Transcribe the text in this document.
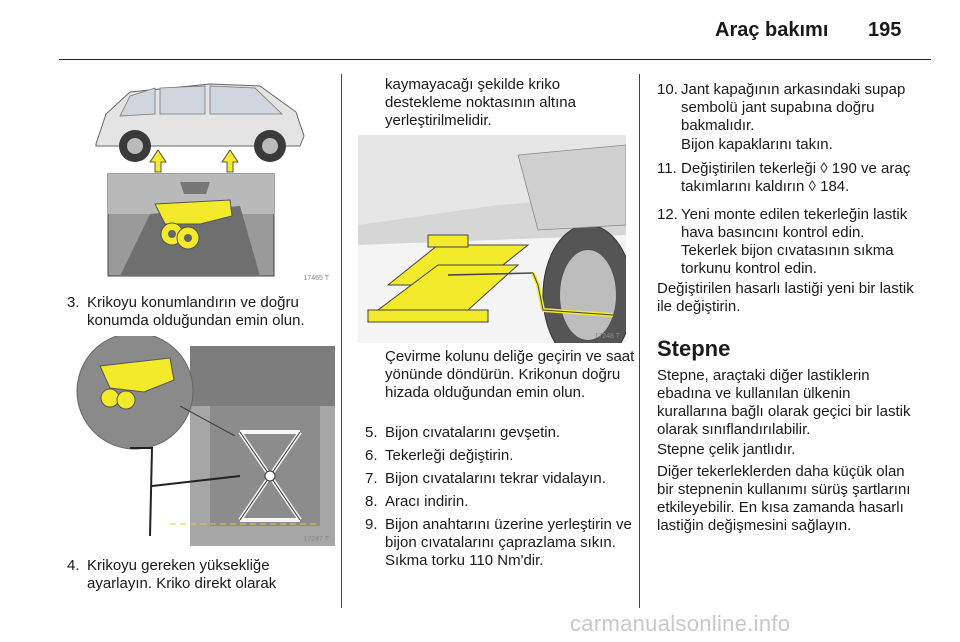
Araç bakımı 195
17465 T
3. Krikoyu konumlandırın ve doğru konumda olduğundan emin olun.
17247 T
4. Krikoyu gereken yüksekliğe ayarlayın. Kriko direkt olarak
kaymayacağı şekilde kriko destekleme noktasının altına yerleştirilmelidir.
17248 T
Çevirme kolunu deliğe geçirin ve saat yönünde döndürün. Krikonun doğru hizada olduğundan emin olun.
5. Bijon cıvatalarını gevşetin.
6. Tekerleği değiştirin.
7. Bijon cıvatalarını tekrar vidalayın.
8. Aracı indirin.
9. Bijon anahtarını üzerine yerleştirin ve bijon cıvatalarını çaprazlama sıkın. Sıkma torku 110 Nm'dir.
10. Jant kapağının arkasındaki supap sembolü jant supabına doğru bakmalıdır.
Bijon kapaklarını takın.
11. Değiştirilen tekerleği ◊ 190 ve araç takımlarını kaldırın ◊ 184.
12. Yeni monte edilen tekerleğin lastik hava basıncını kontrol edin. Tekerlek bijon cıvatasının sıkma torkunu kontrol edin.
Değiştirilen hasarlı lastiği yeni bir lastik ile değiştirin.
Stepne
Stepne, araçtaki diğer lastiklerin ebadına ve kullanılan ülkenin kurallarına bağlı olarak geçici bir lastik olarak sınıflandırılabilir.
Stepne çelik jantlıdır.
Diğer tekerleklerden daha küçük olan bir stepnenin kullanımı sürüş şartlarını etkileyebilir. En kısa zamanda hasarlı lastiğin değişmesini sağlayın.
carmanualsonline.info
